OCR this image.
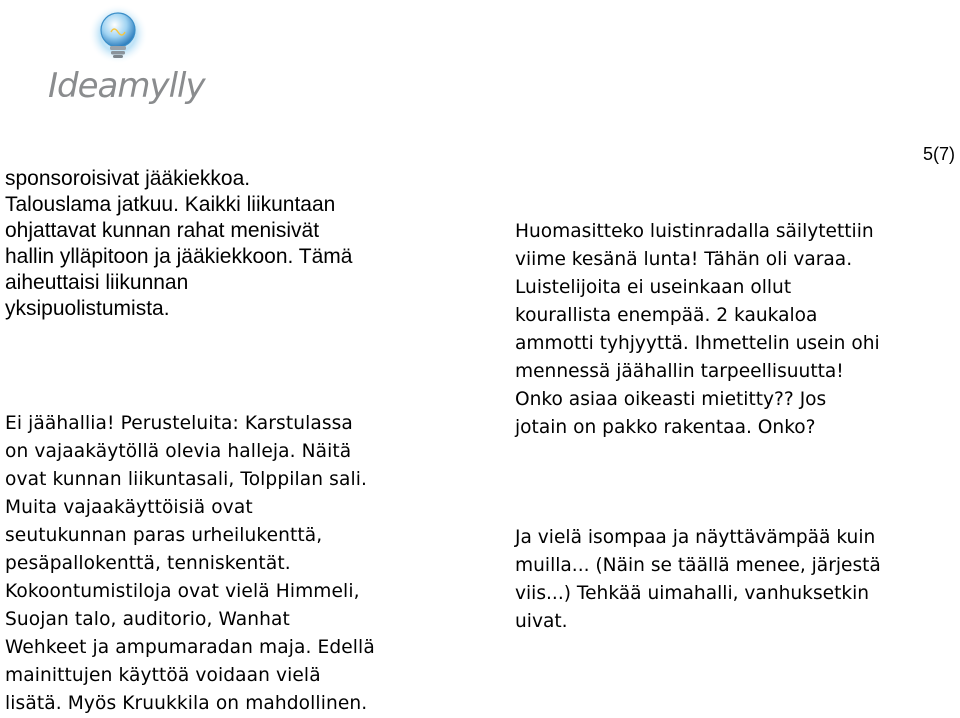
Ideamylly
5(7)
sponsoroisivat jääkiekkoa.
Talouslama jatkuu. Kaikki liikuntaan
ohjattavat kunnan rahat menisivät
hallin ylläpitoon ja jääkiekkoon. Tämä
aiheuttaisi liikunnan
yksipuolistumista.
Ei jäähallia! Perusteluita: Karstulassa
on vajaakäytöllä olevia halleja. Näitä
ovat kunnan liikuntasali, Tolppilan sali.
Muita vajaakäyttöisiä ovat
seutukunnan paras urheilukenttä,
pesäpallokenttä, tenniskentät.
Kokoontumistiloja ovat vielä Himmeli,
Suojan talo, auditorio, Wanhat
Wehkeet ja ampumaradan maja. Edellä
mainittujen käyttöä voidaan vielä
lisätä. Myös Kruukkila on mahdollinen.
Huomasitteko luistinradalla säilytettiin
viime kesänä lunta! Tähän oli varaa.
Luistelijoita ei useinkaan ollut
kourallista enempää. 2 kaukaloa
ammotti tyhjyyttä. Ihmettelin usein ohi
mennessä jäähallin tarpeellisuutta!
Onko asiaa oikeasti mietitty?? Jos
jotain on pakko rakentaa. Onko?
Ja vielä isompaa ja näyttävämpää kuin
muilla... (Näin se täällä menee, järjestä
viis...) Tehkää uimahalli, vanhuksetkin
uivat.
